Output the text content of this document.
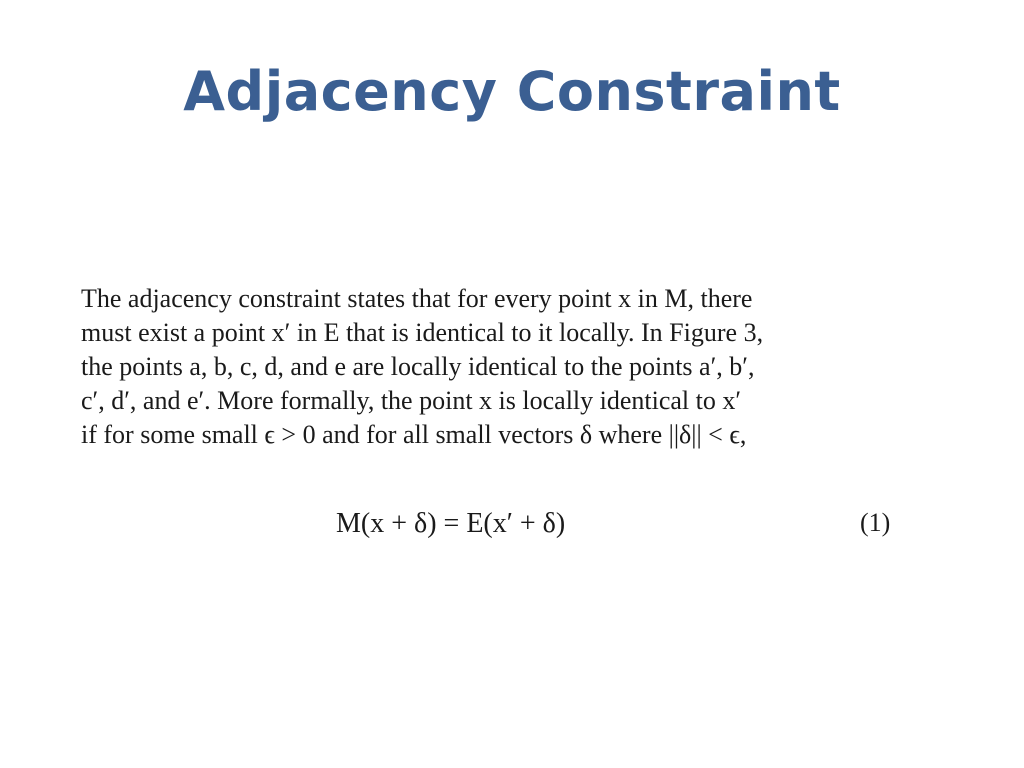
Adjacency Constraint
The adjacency constraint states that for every point x in M, there
must exist a point x′ in E that is identical to it locally. In Figure 3,
the points a, b, c, d, and e are locally identical to the points a′, b′,
c′, d′, and e′. More formally, the point x is locally identical to x′
if for some small ϵ > 0 and for all small vectors δ where ||δ|| < ϵ,
M(x + δ) = E(x′ + δ)	(1)
